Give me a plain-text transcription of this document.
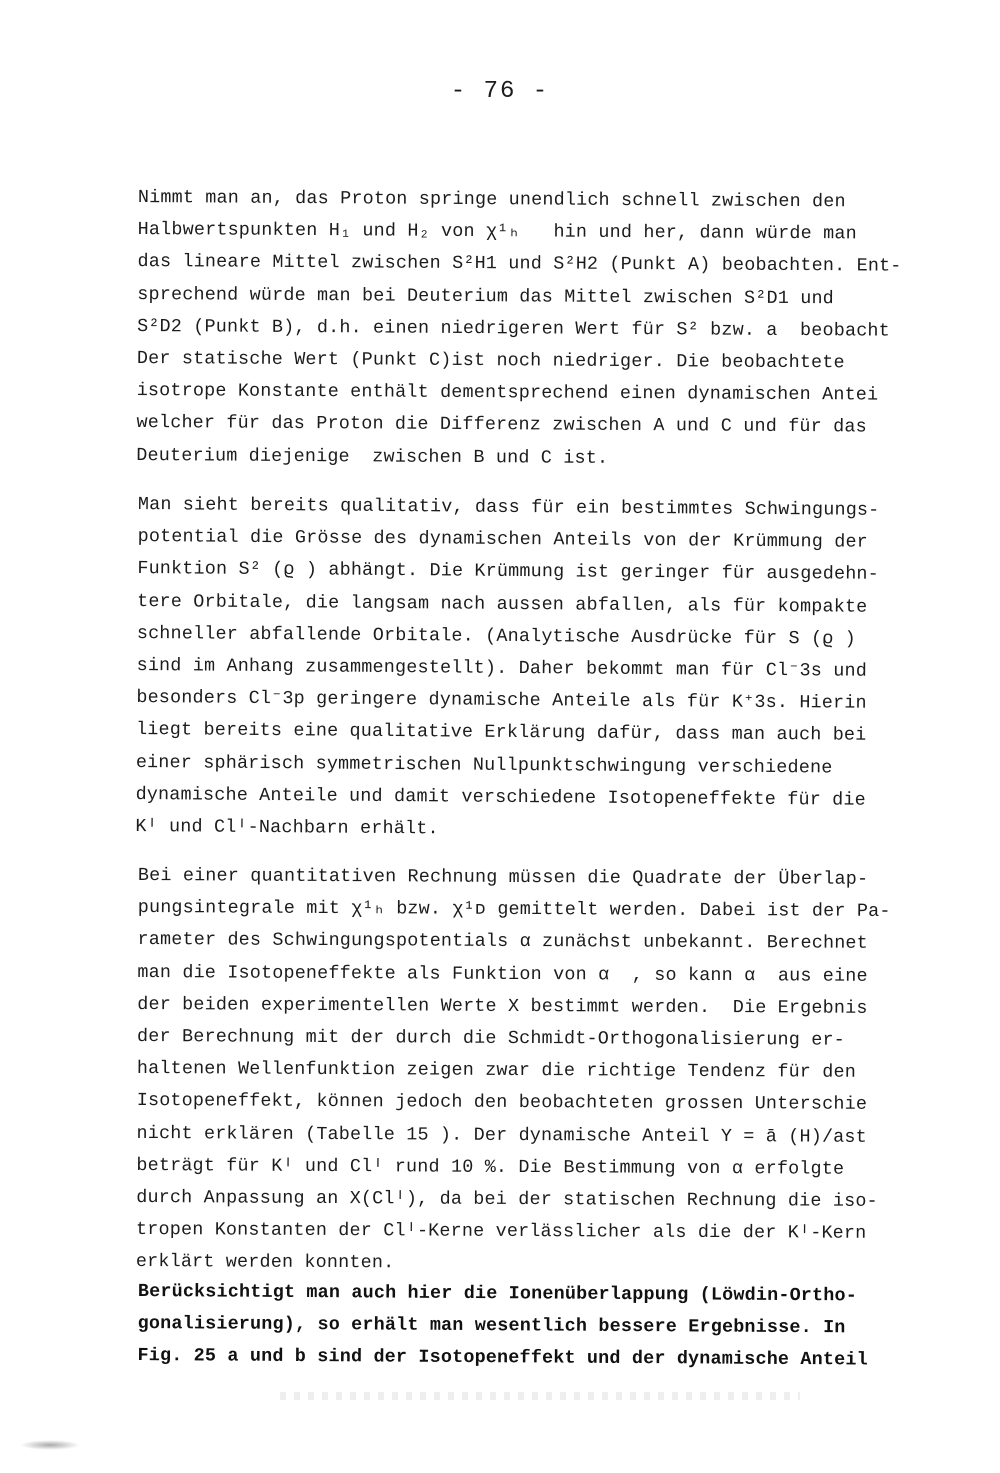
- 76 -
Nimmt man an, das Proton springe unendlich schnell zwischen den
Halbwertspunkten H₁ und H₂ von χ¹ₕ   hin und her, dann würde man
das lineare Mittel zwischen S²H1 und S²H2 (Punkt A) beobachten. Ent-
sprechend würde man bei Deuterium das Mittel zwischen S²D1 und
S²D2 (Punkt B), d.h. einen niedrigeren Wert für S² bzw. a  beobacht
Der statische Wert (Punkt C)ist noch niedriger. Die beobachtete
isotrope Konstante enthält dementsprechend einen dynamischen Antei
welcher für das Proton die Differenz zwischen A und C und für das
Deuterium diejenige  zwischen B und C ist.
Man sieht bereits qualitativ, dass für ein bestimmtes Schwingungs-
potential die Grösse des dynamischen Anteils von der Krümmung der
Funktion S² (ϱ ) abhängt. Die Krümmung ist geringer für ausgedehn-
tere Orbitale, die langsam nach aussen abfallen, als für kompakte
schneller abfallende Orbitale. (Analytische Ausdrücke für S (ϱ )
sind im Anhang zusammengestellt). Daher bekommt man für Cl⁻3s und
besonders Cl⁻3p geringere dynamische Anteile als für K⁺3s. Hierin
liegt bereits eine qualitative Erklärung dafür, dass man auch bei
einer sphärisch symmetrischen Nullpunktschwingung verschiedene
dynamische Anteile und damit verschiedene Isotopeneffekte für die
Kᴵ und Clᴵ-Nachbarn erhält.
Bei einer quantitativen Rechnung müssen die Quadrate der Überlap-
pungsintegrale mit χ¹ₕ bzw. χ¹ᴅ gemittelt werden. Dabei ist der Pa-
rameter des Schwingungspotentials α zunächst unbekannt. Berechnet
man die Isotopeneffekte als Funktion von α  , so kann α  aus eine
der beiden experimentellen Werte X bestimmt werden.  Die Ergebnis
der Berechnung mit der durch die Schmidt-Orthogonalisierung er-
haltenen Wellenfunktion zeigen zwar die richtige Tendenz für den
Isotopeneffekt, können jedoch den beobachteten grossen Unterschie
nicht erklären (Tabelle 15 ). Der dynamische Anteil Y = ā (H)/ast
beträgt für Kᴵ und Clᴵ rund 10 %. Die Bestimmung von α erfolgte
durch Anpassung an X(Clᴵ), da bei der statischen Rechnung die iso-
tropen Konstanten der Clᴵ-Kerne verlässlicher als die der Kᴵ-Kern
erklärt werden konnten.
Berücksichtigt man auch hier die Ionenüberlappung (Löwdin-Ortho-
gonalisierung), so erhält man wesentlich bessere Ergebnisse. In
Fig. 25 a und b sind der Isotopeneffekt und der dynamische Anteil
